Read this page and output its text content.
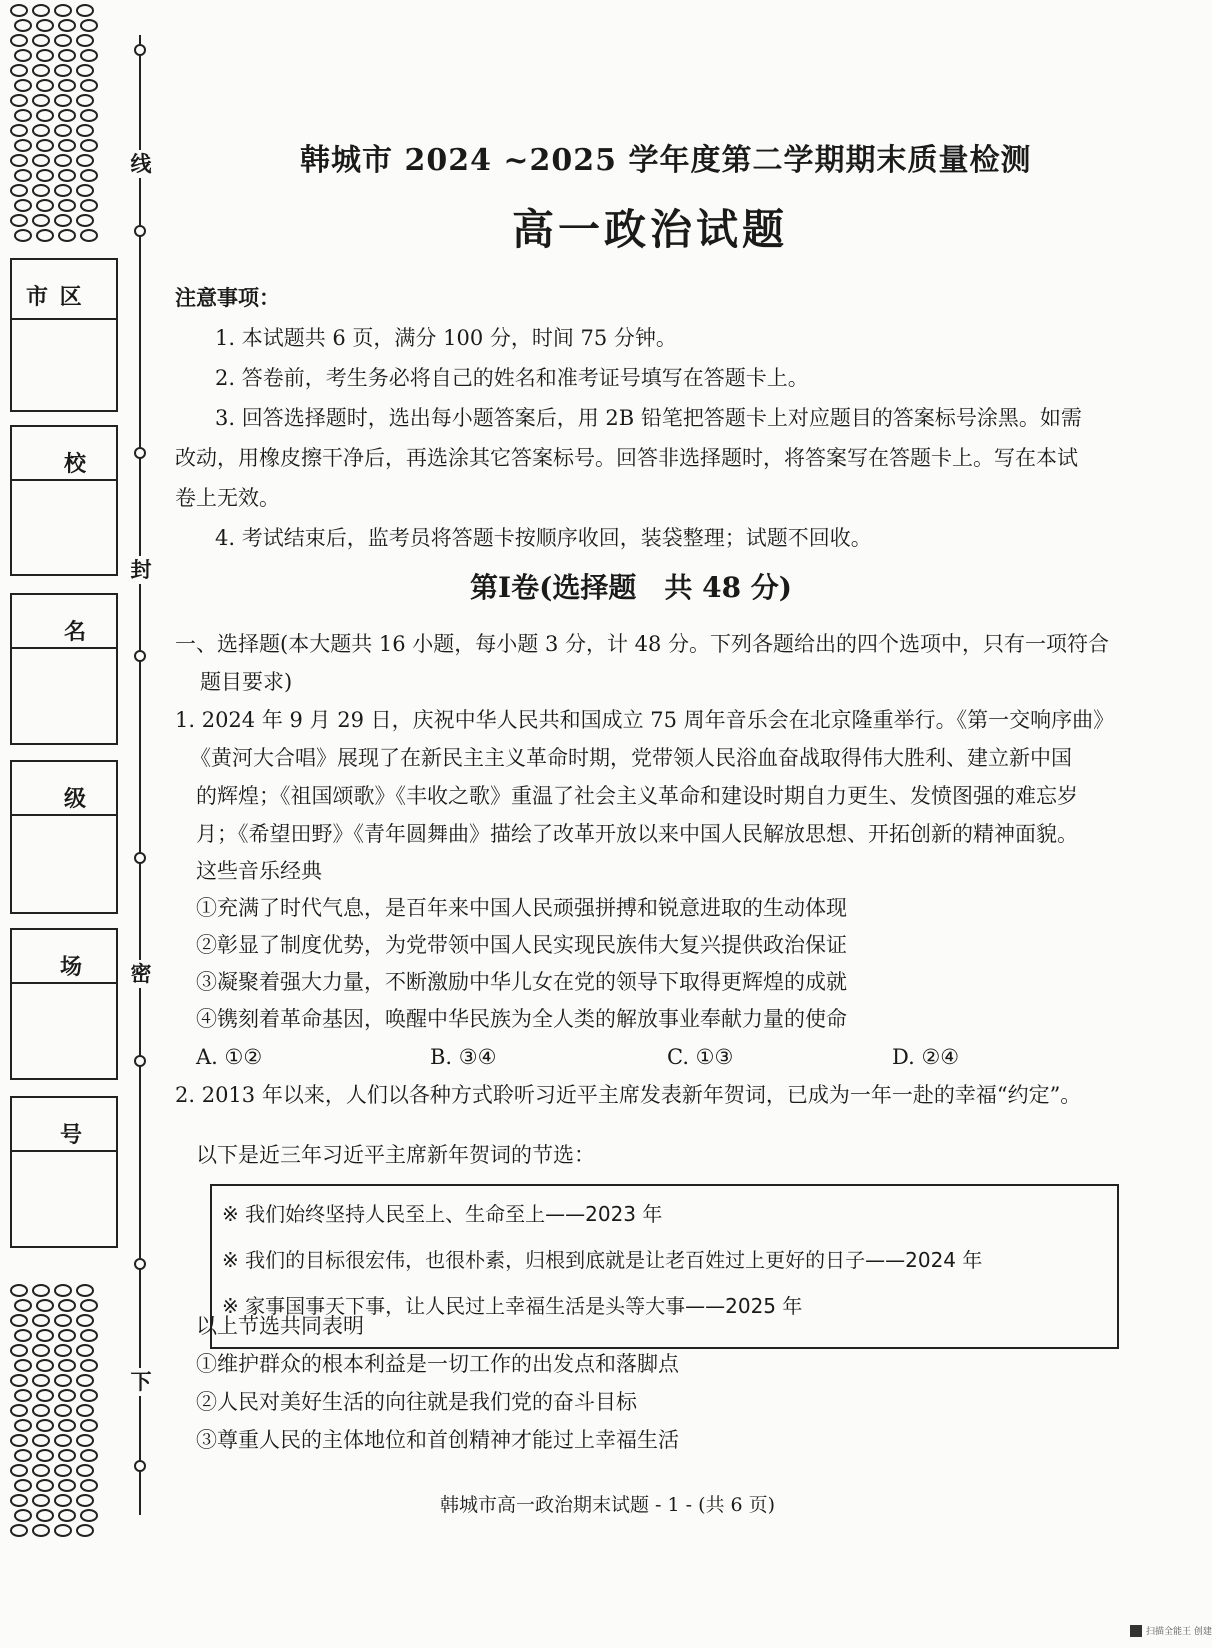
市 区
校
名
级
场
号
线
封
密
下
韩城市 2024 ~2025 学年度第二学期期末质量检测
高一政治试题
注意事项：
1. 本试题共 6 页，满分 100 分，时间 75 分钟。
2. 答卷前，考生务必将自己的姓名和准考证号填写在答题卡上。
3. 回答选择题时，选出每小题答案后，用 2B 铅笔把答题卡上对应题目的答案标号涂黑。如需
改动，用橡皮擦干净后，再选涂其它答案标号。回答非选择题时，将答案写在答题卡上。写在本试
卷上无效。
4. 考试结束后，监考员将答题卡按顺序收回，装袋整理；试题不回收。
第Ⅰ卷(选择题　共 48 分)
一、选择题(本大题共 16 小题，每小题 3 分，计 48 分。下列各题给出的四个选项中，只有一项符合
题目要求)
1. 2024 年 9 月 29 日，庆祝中华人民共和国成立 75 周年音乐会在北京隆重举行。《第一交响序曲》
《黄河大合唱》展现了在新民主主义革命时期，党带领人民浴血奋战取得伟大胜利、建立新中国
的辉煌；《祖国颂歌》《丰收之歌》重温了社会主义革命和建设时期自力更生、发愤图强的难忘岁
月；《希望田野》《青年圆舞曲》描绘了改革开放以来中国人民解放思想、开拓创新的精神面貌。
这些音乐经典
①充满了时代气息，是百年来中国人民顽强拼搏和锐意进取的生动体现
②彰显了制度优势，为党带领中国人民实现民族伟大复兴提供政治保证
③凝聚着强大力量，不断激励中华儿女在党的领导下取得更辉煌的成就
④镌刻着革命基因，唤醒中华民族为全人类的解放事业奉献力量的使命
A. ①②	B. ③④	C. ①③	D. ②④
2. 2013 年以来，人们以各种方式聆听习近平主席发表新年贺词，已成为一年一赴的幸福“约定”。
以下是近三年习近平主席新年贺词的节选：
※ 我们始终坚持人民至上、生命至上——2023 年
※ 我们的目标很宏伟，也很朴素，归根到底就是让老百姓过上更好的日子——2024 年
※ 家事国事天下事，让人民过上幸福生活是头等大事——2025 年
以上节选共同表明
①维护群众的根本利益是一切工作的出发点和落脚点
②人民对美好生活的向往就是我们党的奋斗目标
③尊重人民的主体地位和首创精神才能过上幸福生活
韩城市高一政治期末试题 - 1 - (共 6 页)
扫描全能王 创建
